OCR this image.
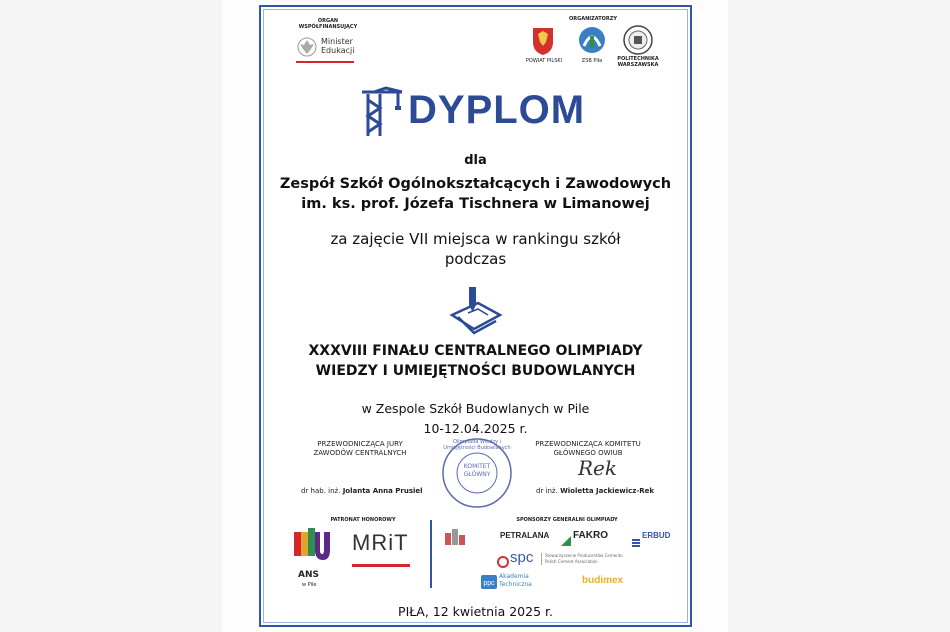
ORGAN
WSPÓŁFINANSUJĄCY
Minister
Edukacji
ORGANIZATORZY
POWIAT PILSKI	ZSB Piła	POLITECHNIKA
WARSZAWSKA
DYPLOM
dla
Zespół Szkół Ogólnokształcących i Zawodowych
im. ks. prof. Józefa Tischnera w Limanowej
za zajęcie VII miejsca w rankingu szkół
podczas
XXXVIII FINAŁU CENTRALNEGO OLIMPIADY
WIEDZY I UMIEJĘTNOŚCI BUDOWLANYCH
w Zespole Szkół Budowlanych w Pile
10-12.04.2025 r.
PRZEWODNICZĄCA JURY
ZAWODÓW CENTRALNYCH
dr hab. inż. Jolanta Anna Prusiel
Olimpiada Wiedzy i Umiejętności Budowlanych
KOMITET
GŁÓWNY
PRZEWODNICZĄCA KOMITETU
GŁÓWNEGO OWIUB
Rek
dr inż. Wioletta Jackiewicz-Rek
PATRONAT HONOROWY
ANS
w Pile
MRiT
SPONSORZY GENERALNI OLIMPIADY
PETRALANA FAKRO	ERBUD
spc	Stowarzyszenie Producentów Cementu
Polish Cement Association
ppc
Akademia
Techniczna	budimex
PIŁA, 12 kwietnia 2025 r.
